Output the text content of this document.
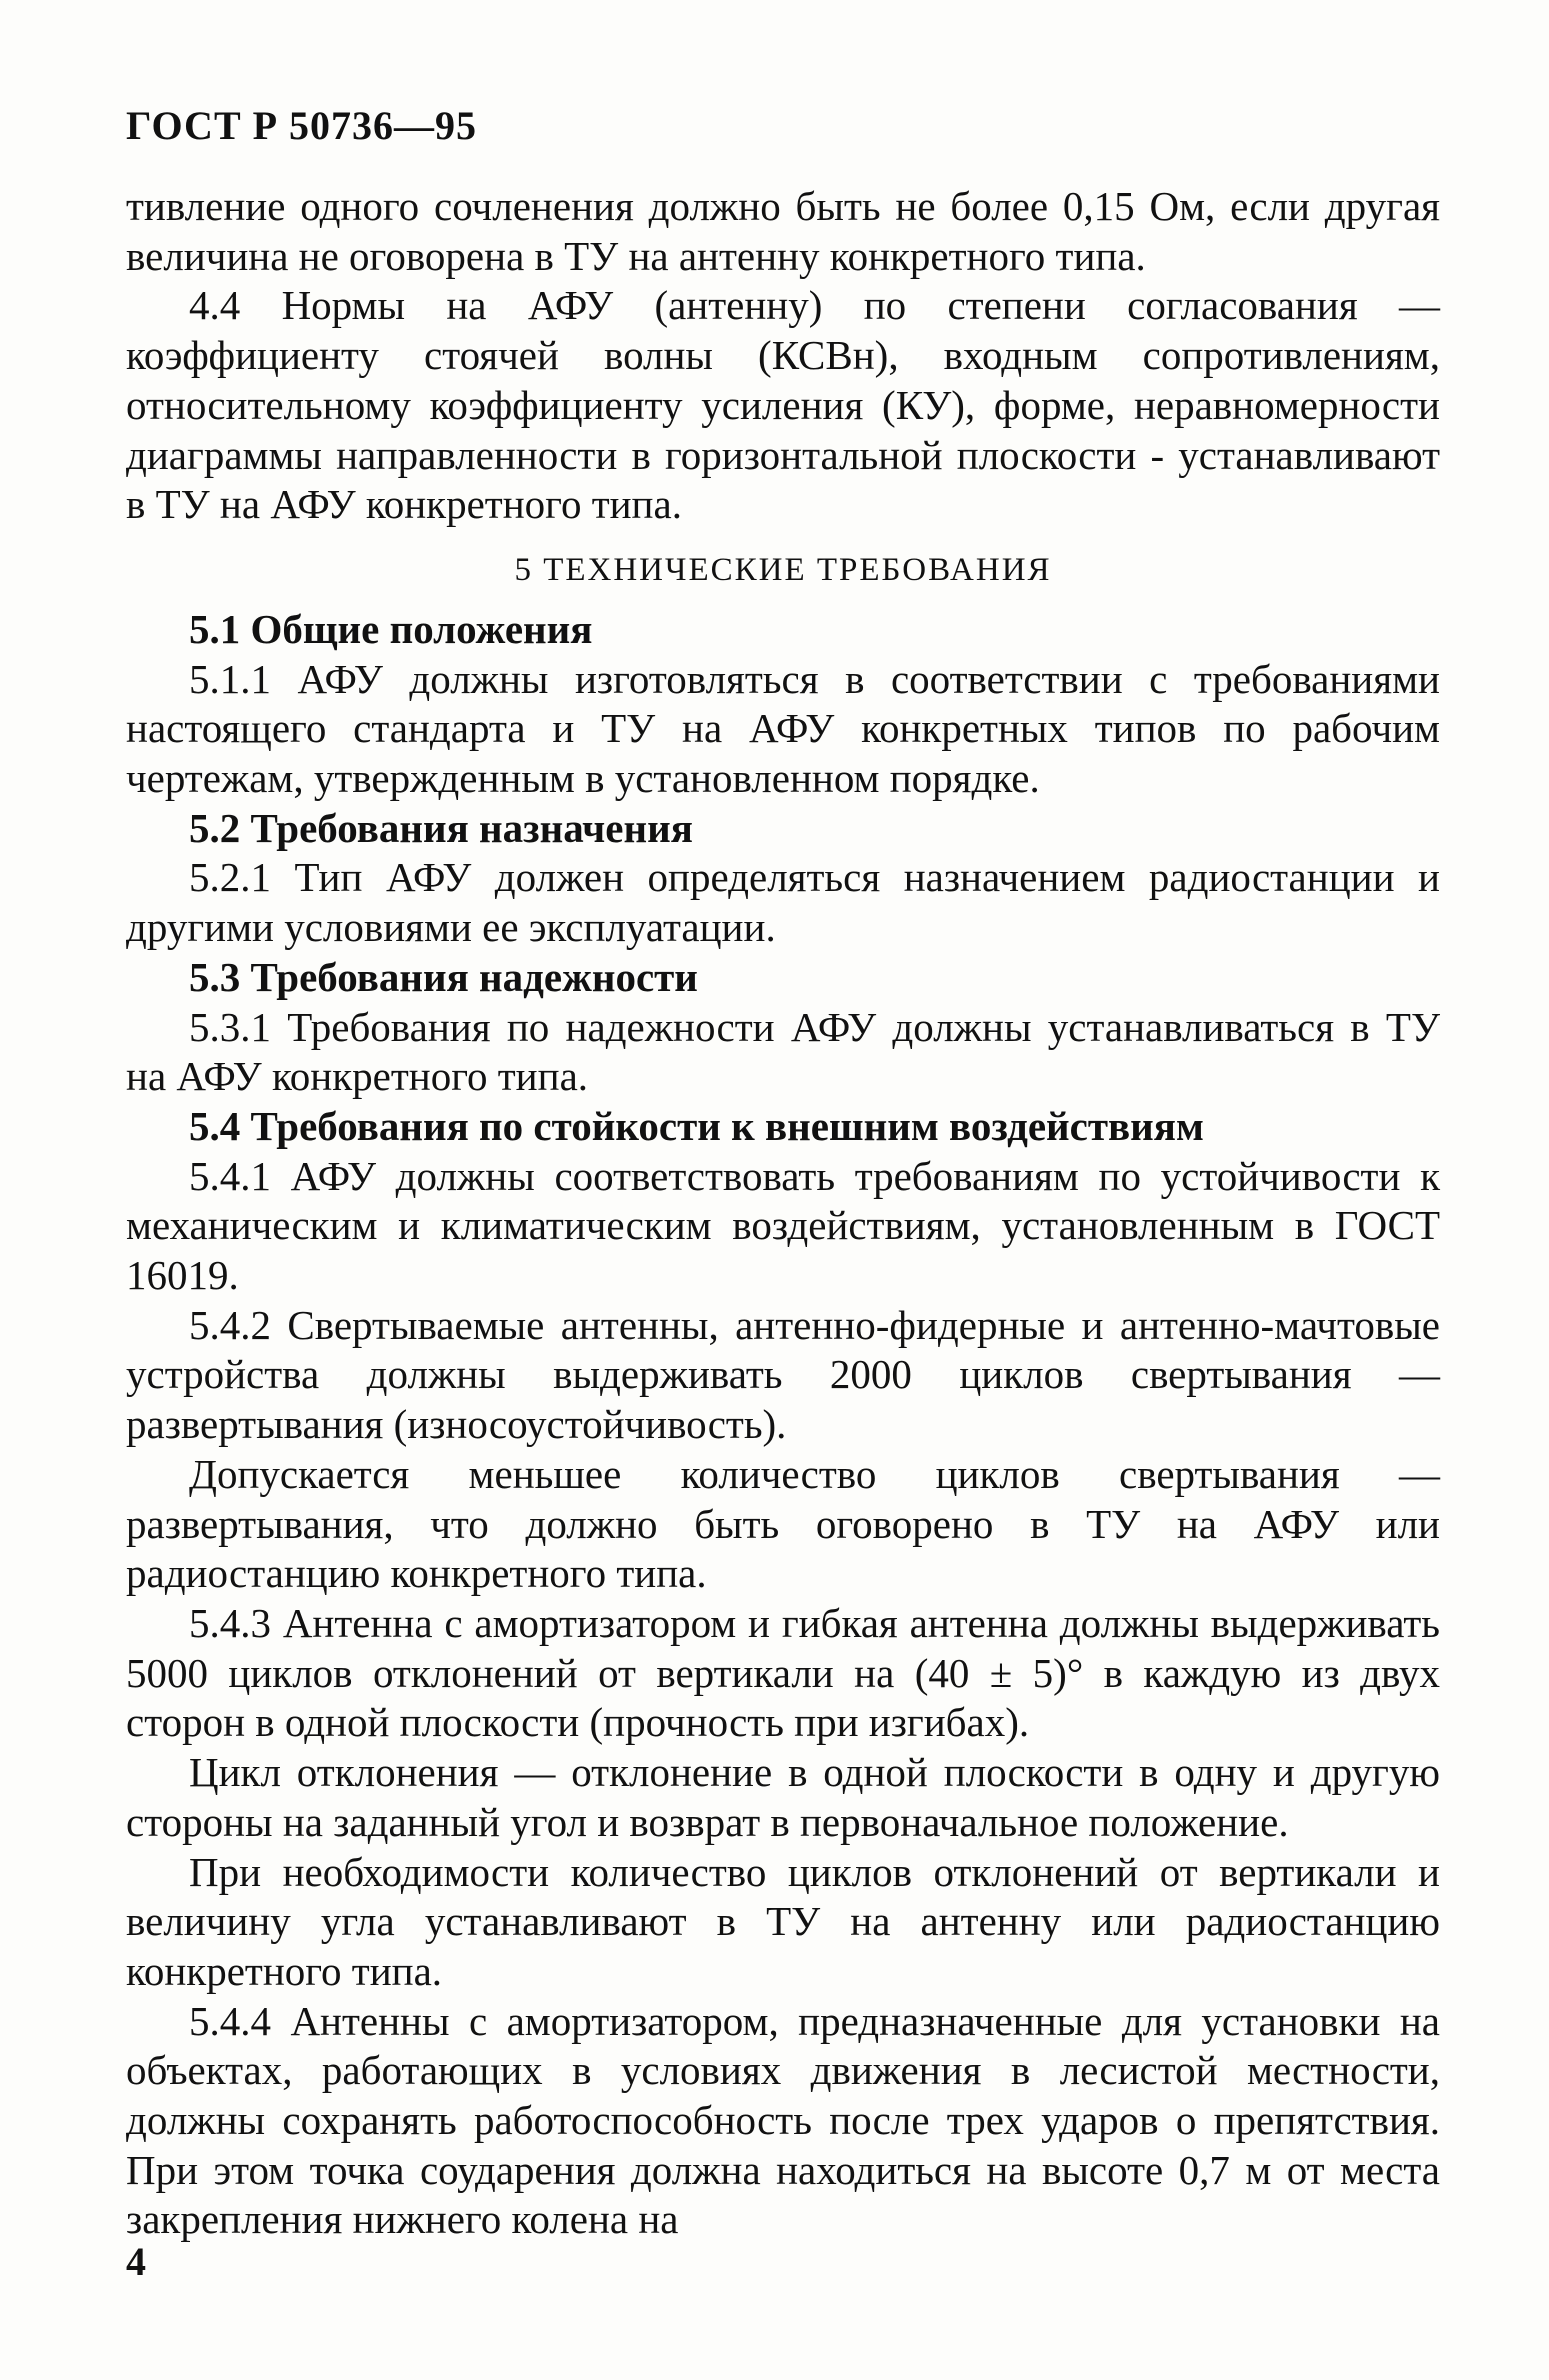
ГОСТ Р 50736—95

тивление одного сочленения должно быть не более 0,15 Ом, если другая величина не оговорена в ТУ на антенну конкретного типа.

4.4 Нормы на АФУ (антенну) по степени согласования — коэффициенту стоячей волны (КСВн), входным сопротивлениям, относительному коэффициенту усиления (КУ), форме, неравномерности диаграммы направленности в горизонтальной плоскости - устанавливают в ТУ на АФУ конкретного типа.

5 ТЕХНИЧЕСКИЕ ТРЕБОВАНИЯ

5.1 Общие положения

5.1.1 АФУ должны изготовляться в соответствии с требованиями настоящего стандарта и ТУ на АФУ конкретных типов по рабочим чертежам, утвержденным в установленном порядке.

5.2 Требования назначения

5.2.1 Тип АФУ должен определяться назначением радиостанции и другими условиями ее эксплуатации.

5.3 Требования надежности

5.3.1 Требования по надежности АФУ должны устанавливаться в ТУ на АФУ конкретного типа.

5.4 Требования по стойкости к внешним воздействиям

5.4.1 АФУ должны соответствовать требованиям по устойчивости к механическим и климатическим воздействиям, установленным в ГОСТ 16019.

5.4.2 Свертываемые антенны, антенно-фидерные и антенно-мачтовые устройства должны выдерживать 2000 циклов свертывания — развертывания (износоустойчивость).

Допускается меньшее количество циклов свертывания — развертывания, что должно быть оговорено в ТУ на АФУ или радиостанцию конкретного типа.

5.4.3 Антенна с амортизатором и гибкая антенна должны выдерживать 5000 циклов отклонений от вертикали на (40 ± 5)° в каждую из двух сторон в одной плоскости (прочность при изгибах).

Цикл отклонения — отклонение в одной плоскости в одну и другую стороны на заданный угол и возврат в первоначальное положение.

При необходимости количество циклов отклонений от вертикали и величину угла устанавливают в ТУ на антенну или радиостанцию конкретного типа.

5.4.4 Антенны с амортизатором, предназначенные для установки на объектах, работающих в условиях движения в лесистой местности, должны сохранять работоспособность после трех ударов о препятствия. При этом точка соударения должна находиться на высоте 0,7 м от места закрепления нижнего колена на

4
